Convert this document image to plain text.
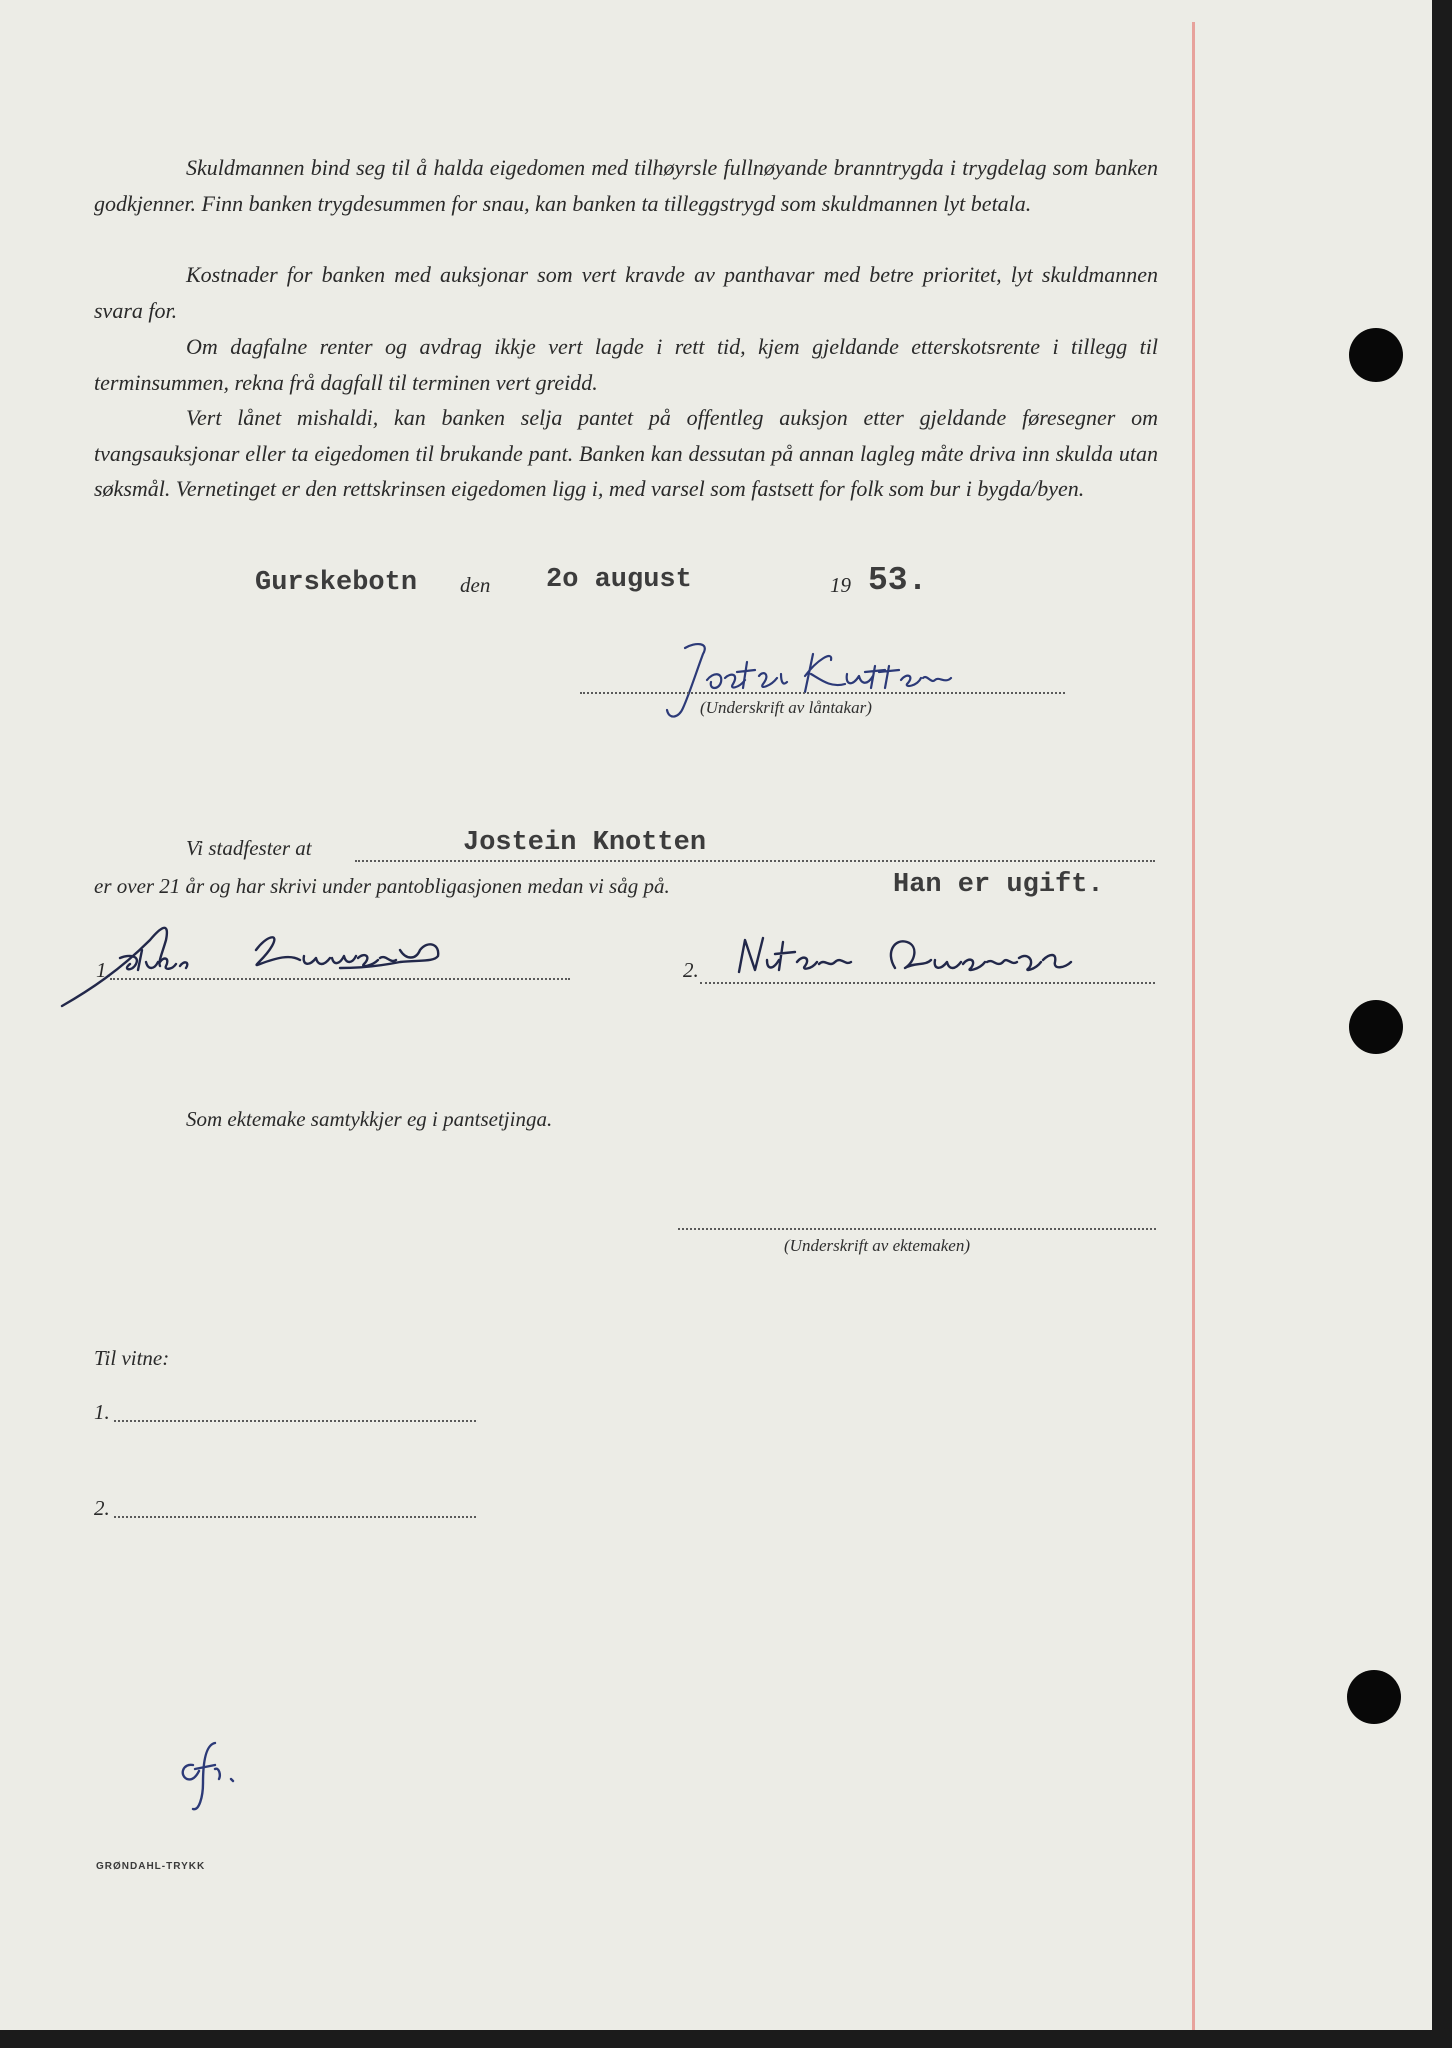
Skuldmannen bind seg til å halda eigedomen med tilhøyrsle fullnøyande branntrygda i trygdelag som banken godkjenner. Finn banken trygdesummen for snau, kan banken ta tilleggstrygd som skuldmannen lyt betala.

Kostnader for banken med auksjonar som vert kravde av panthavar med betre prioritet, lyt skuldmannen svara for.

Om dagfalne renter og avdrag ikkje vert lagde i rett tid, kjem gjeldande etterskotsrente i tillegg til terminsummen, rekna frå dagfall til terminen vert greidd.

Vert lånet mishaldi, kan banken selja pantet på offentleg auksjon etter gjeldande føresegner om tvangsauksjonar eller ta eigedomen til brukande pant. Banken kan dessutan på annan lagleg måte driva inn skulda utan søksmål. Vernetinget er den rettskrinsen eigedomen ligg i, med varsel som fastsett for folk som bur i bygda/byen.

Gurskebotn den 2o august	19 53.
(Underskrift av låntakar)
Vi stadfester at	Jostein Knotten
er over 21 år og har skrivi under pantobligasjonen medan vi såg på.	Han er ugift.
1.	2.
Som ektemake samtykkjer eg i pantsetjinga.
(Underskrift av ektemaken)
Til vitne:
1.
2.
GRØNDAHL-TRYKK
